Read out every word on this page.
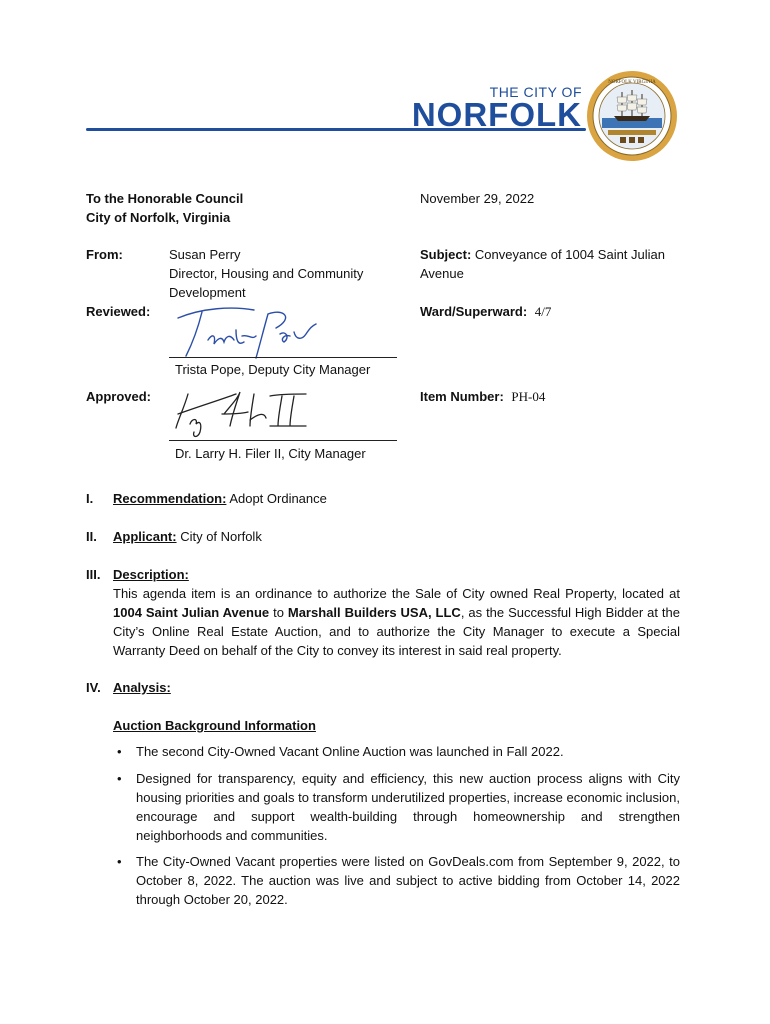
THE CITY OF
NORFOLK
NORFOLK VIRGINIA
To the Honorable Council
City of Norfolk, Virginia
November 29, 2022
From:	Susan Perry
Director, Housing and Community
Development
Subject: Conveyance of 1004 Saint Julian
Avenue
Reviewed:
Trista Pope, Deputy City Manager
Ward/Superward: 4/7
Approved:
Dr. Larry H. Filer II, City Manager
Item Number: PH-04
I. Recommendation: Adopt Ordinance
II. Applicant: City of Norfolk
III. Description:
This agenda item is an ordinance to authorize the Sale of City owned Real Property, located at 1004 Saint Julian Avenue to Marshall Builders USA, LLC, as the Successful High Bidder at the City’s Online Real Estate Auction, and to authorize the City Manager to execute a Special Warranty Deed on behalf of the City to convey its interest in said real property.
IV. Analysis:
Auction Background Information
• The second City-Owned Vacant Online Auction was launched in Fall 2022.
• Designed for transparency, equity and efficiency, this new auction process aligns with City housing priorities and goals to transform underutilized properties, increase economic inclusion, encourage and support wealth-building through homeownership and strengthen neighborhoods and communities.
• The City-Owned Vacant properties were listed on GovDeals.com from September 9, 2022, to October 8, 2022. The auction was live and subject to active bidding from October 14, 2022 through October 20, 2022.
